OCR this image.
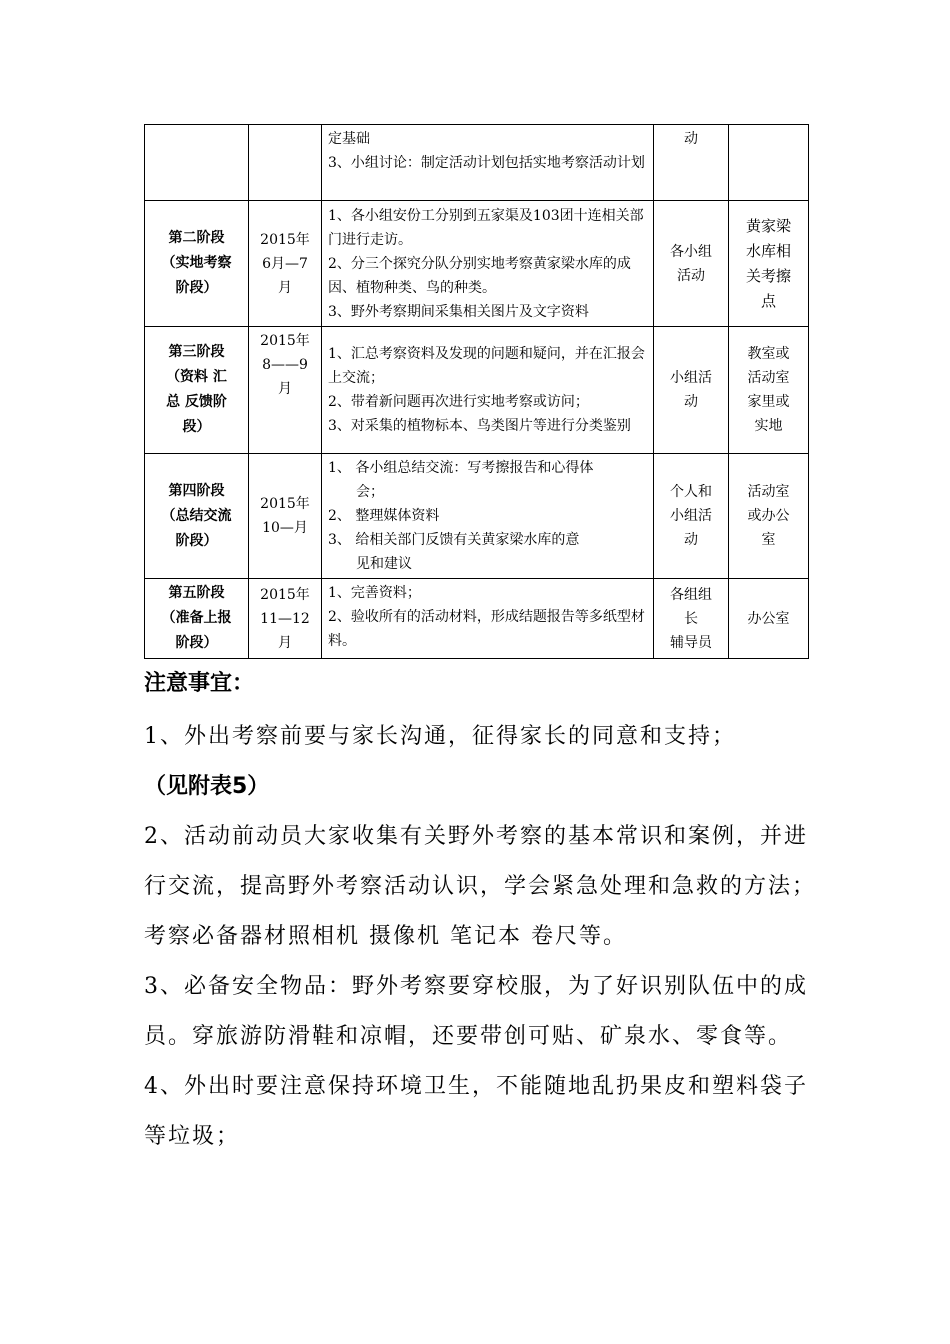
		定基础
3、小组讨论：制定活动计划包括实地考察活动计划	动	

第二阶段
（实地考察
阶段）	2015年
6月—7
月	1、各小组安份工分别到五家渠及103团十连相关部门进行走访。
2、分三个探究分队分别实地考察黄家梁水库的成因、植物种类、鸟的种类。
3、野外考察期间采集相关图片及文字资料	各小组
活动	黄家梁
水库相
关考擦
点

第三阶段
（资料 汇
总 反馈阶
段）	2015年
8——9
月	1、汇总考察资料及发现的问题和疑问，并在汇报会上交流；
2、带着新问题再次进行实地考察或访问；
3、对采集的植物标本、鸟类图片等进行分类鉴别	小组活
动	教室或
活动室
家里或
实地

第四阶段
（总结交流
阶段）	2015年
10—月	1、 各小组总结交流：写考擦报告和心得体
会；
2、 整理媒体资料
3、 给相关部门反馈有关黄家梁水库的意
见和建议	个人和
小组活
动	活动室
或办公
室

第五阶段
（准备上报
阶段）	2015年
11—12
月	1、完善资料；
2、验收所有的活动材料，形成结题报告等多纸型材料。	各组组
长
辅导员	办公室

注意事宜：

1、外出考察前要与家长沟通，征得家长的同意和支持；

（见附表5）

2、活动前动员大家收集有关野外考察的基本常识和案例，并进行交流，提高野外考察活动认识，学会紧急处理和急救的方法；考察必备器材照相机 摄像机 笔记本 卷尺等。

3、必备安全物品：野外考察要穿校服，为了好识别队伍中的成员。穿旅游防滑鞋和凉帽，还要带创可贴、矿泉水、零食等。

4、外出时要注意保持环境卫生，不能随地乱扔果皮和塑料袋子等垃圾；
